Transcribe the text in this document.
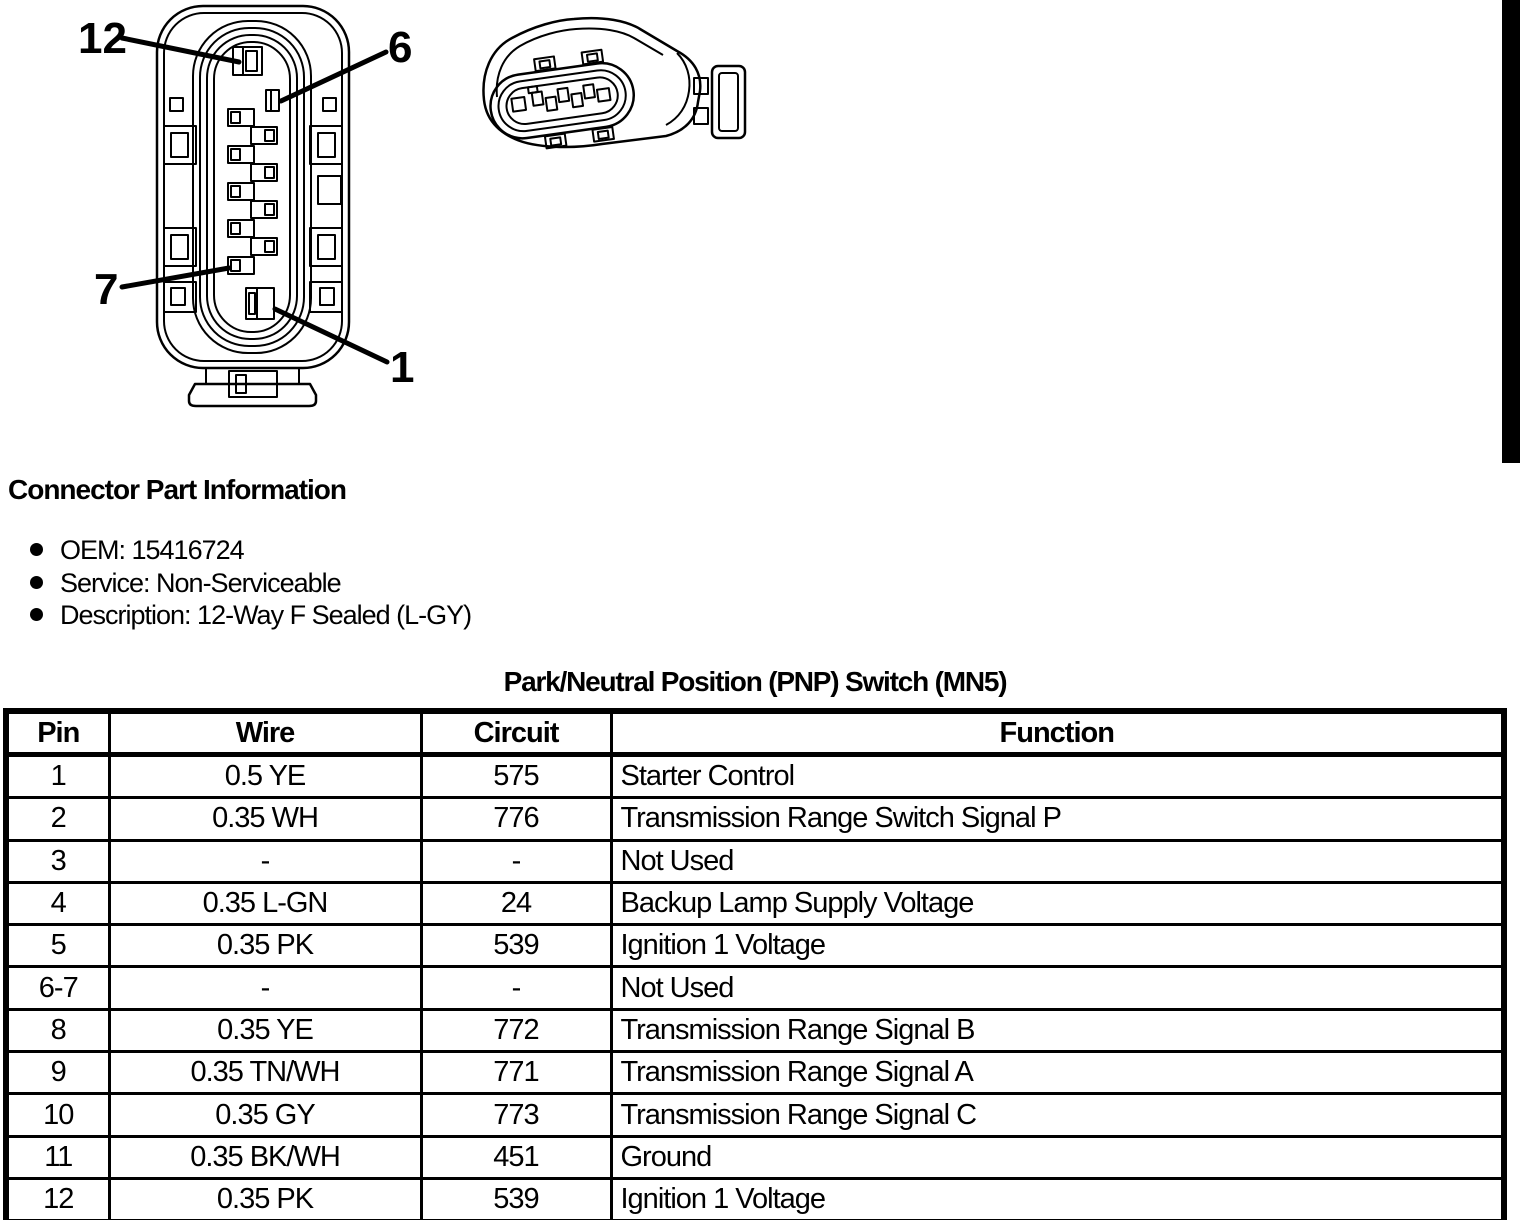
12	6
7
1
Connector Part Information
OEM: 15416724
Service: Non-Serviceable
Description: 12-Way F Sealed (L-GY)
Park/Neutral Position (PNP) Switch (MN5)
Pin	Wire	Circuit	Function
1	0.5 YE	575	Starter Control
2	0.35 WH	776	Transmission Range Switch Signal P
3	-	-	Not Used
4	0.35 L-GN	24	Backup Lamp Supply Voltage
5	0.35 PK	539	Ignition 1 Voltage
6-7	-	-	Not Used
8	0.35 YE	772	Transmission Range Signal B
9	0.35 TN/WH	771	Transmission Range Signal A
10	0.35 GY	773	Transmission Range Signal C
11	0.35 BK/WH	451	Ground
12	0.35 PK	539	Ignition 1 Voltage
